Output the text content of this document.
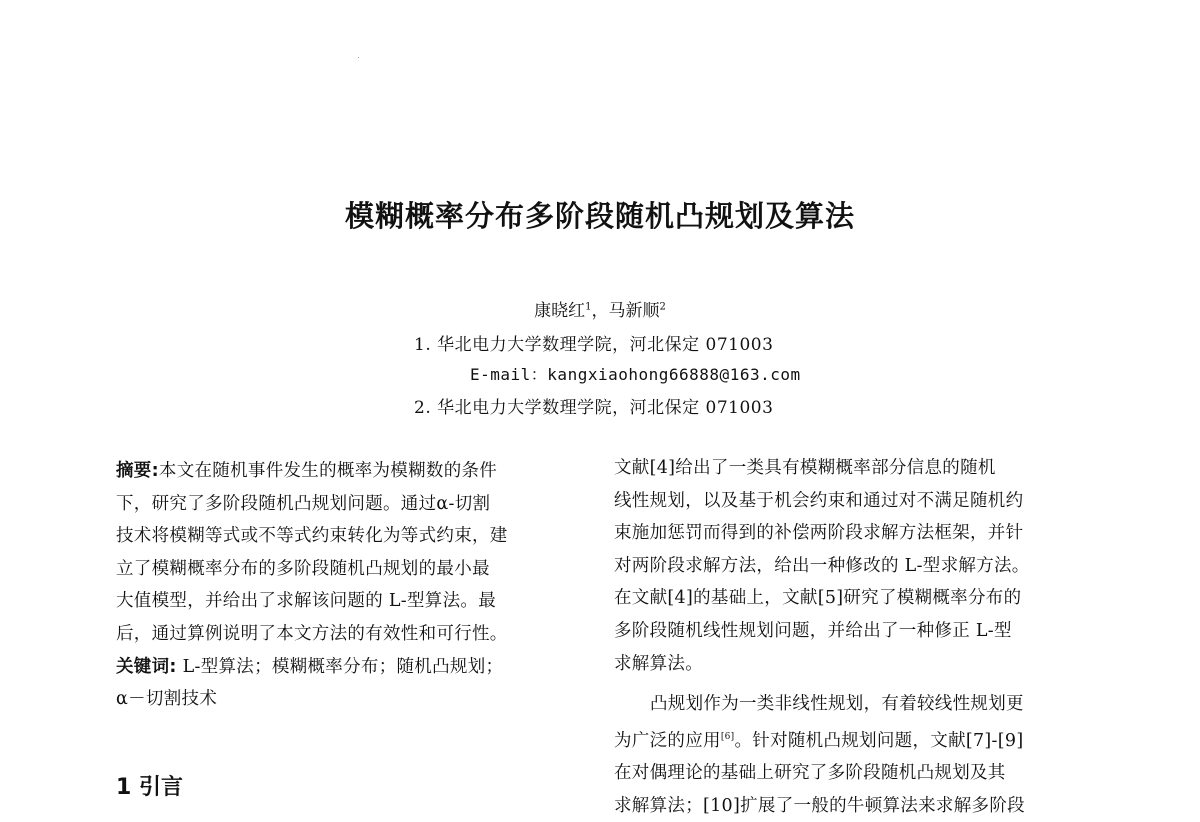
模糊概率分布多阶段随机凸规划及算法
康晓红$^1$，马新顺$^2$
1. 华北电力大学数理学院，河北保定 071003
E-mail：kangxiaohong66888@163.com
2. 华北电力大学数理学院，河北保定 071003
摘要:本文在随机事件发生的概率为模糊数的条件
下，研究了多阶段随机凸规划问题。通过α-切割
技术将模糊等式或不等式约束转化为等式约束，建
立了模糊概率分布的多阶段随机凸规划的最小最
大值模型，并给出了求解该问题的 L-型算法。最
后，通过算例说明了本文方法的有效性和可行性。
关键词: L-型算法；模糊概率分布；随机凸规划；
α－切割技术
1 引言
文献[4]给出了一类具有模糊概率部分信息的随机
线性规划，以及基于机会约束和通过对不满足随机约
束施加惩罚而得到的补偿两阶段求解方法框架，并针
对两阶段求解方法，给出一种修改的 L-型求解方法。
在文献[4]的基础上，文献[5]研究了模糊概率分布的
多阶段随机线性规划问题，并给出了一种修正 L-型
求解算法。
凸规划作为一类非线性规划，有着较线性规划更
为广泛的应用[6]。针对随机凸规划问题，文献[7]-[9]
在对偶理论的基础上研究了多阶段随机凸规划及其
求解算法；[10]扩展了一般的牛顿算法来求解多阶段
